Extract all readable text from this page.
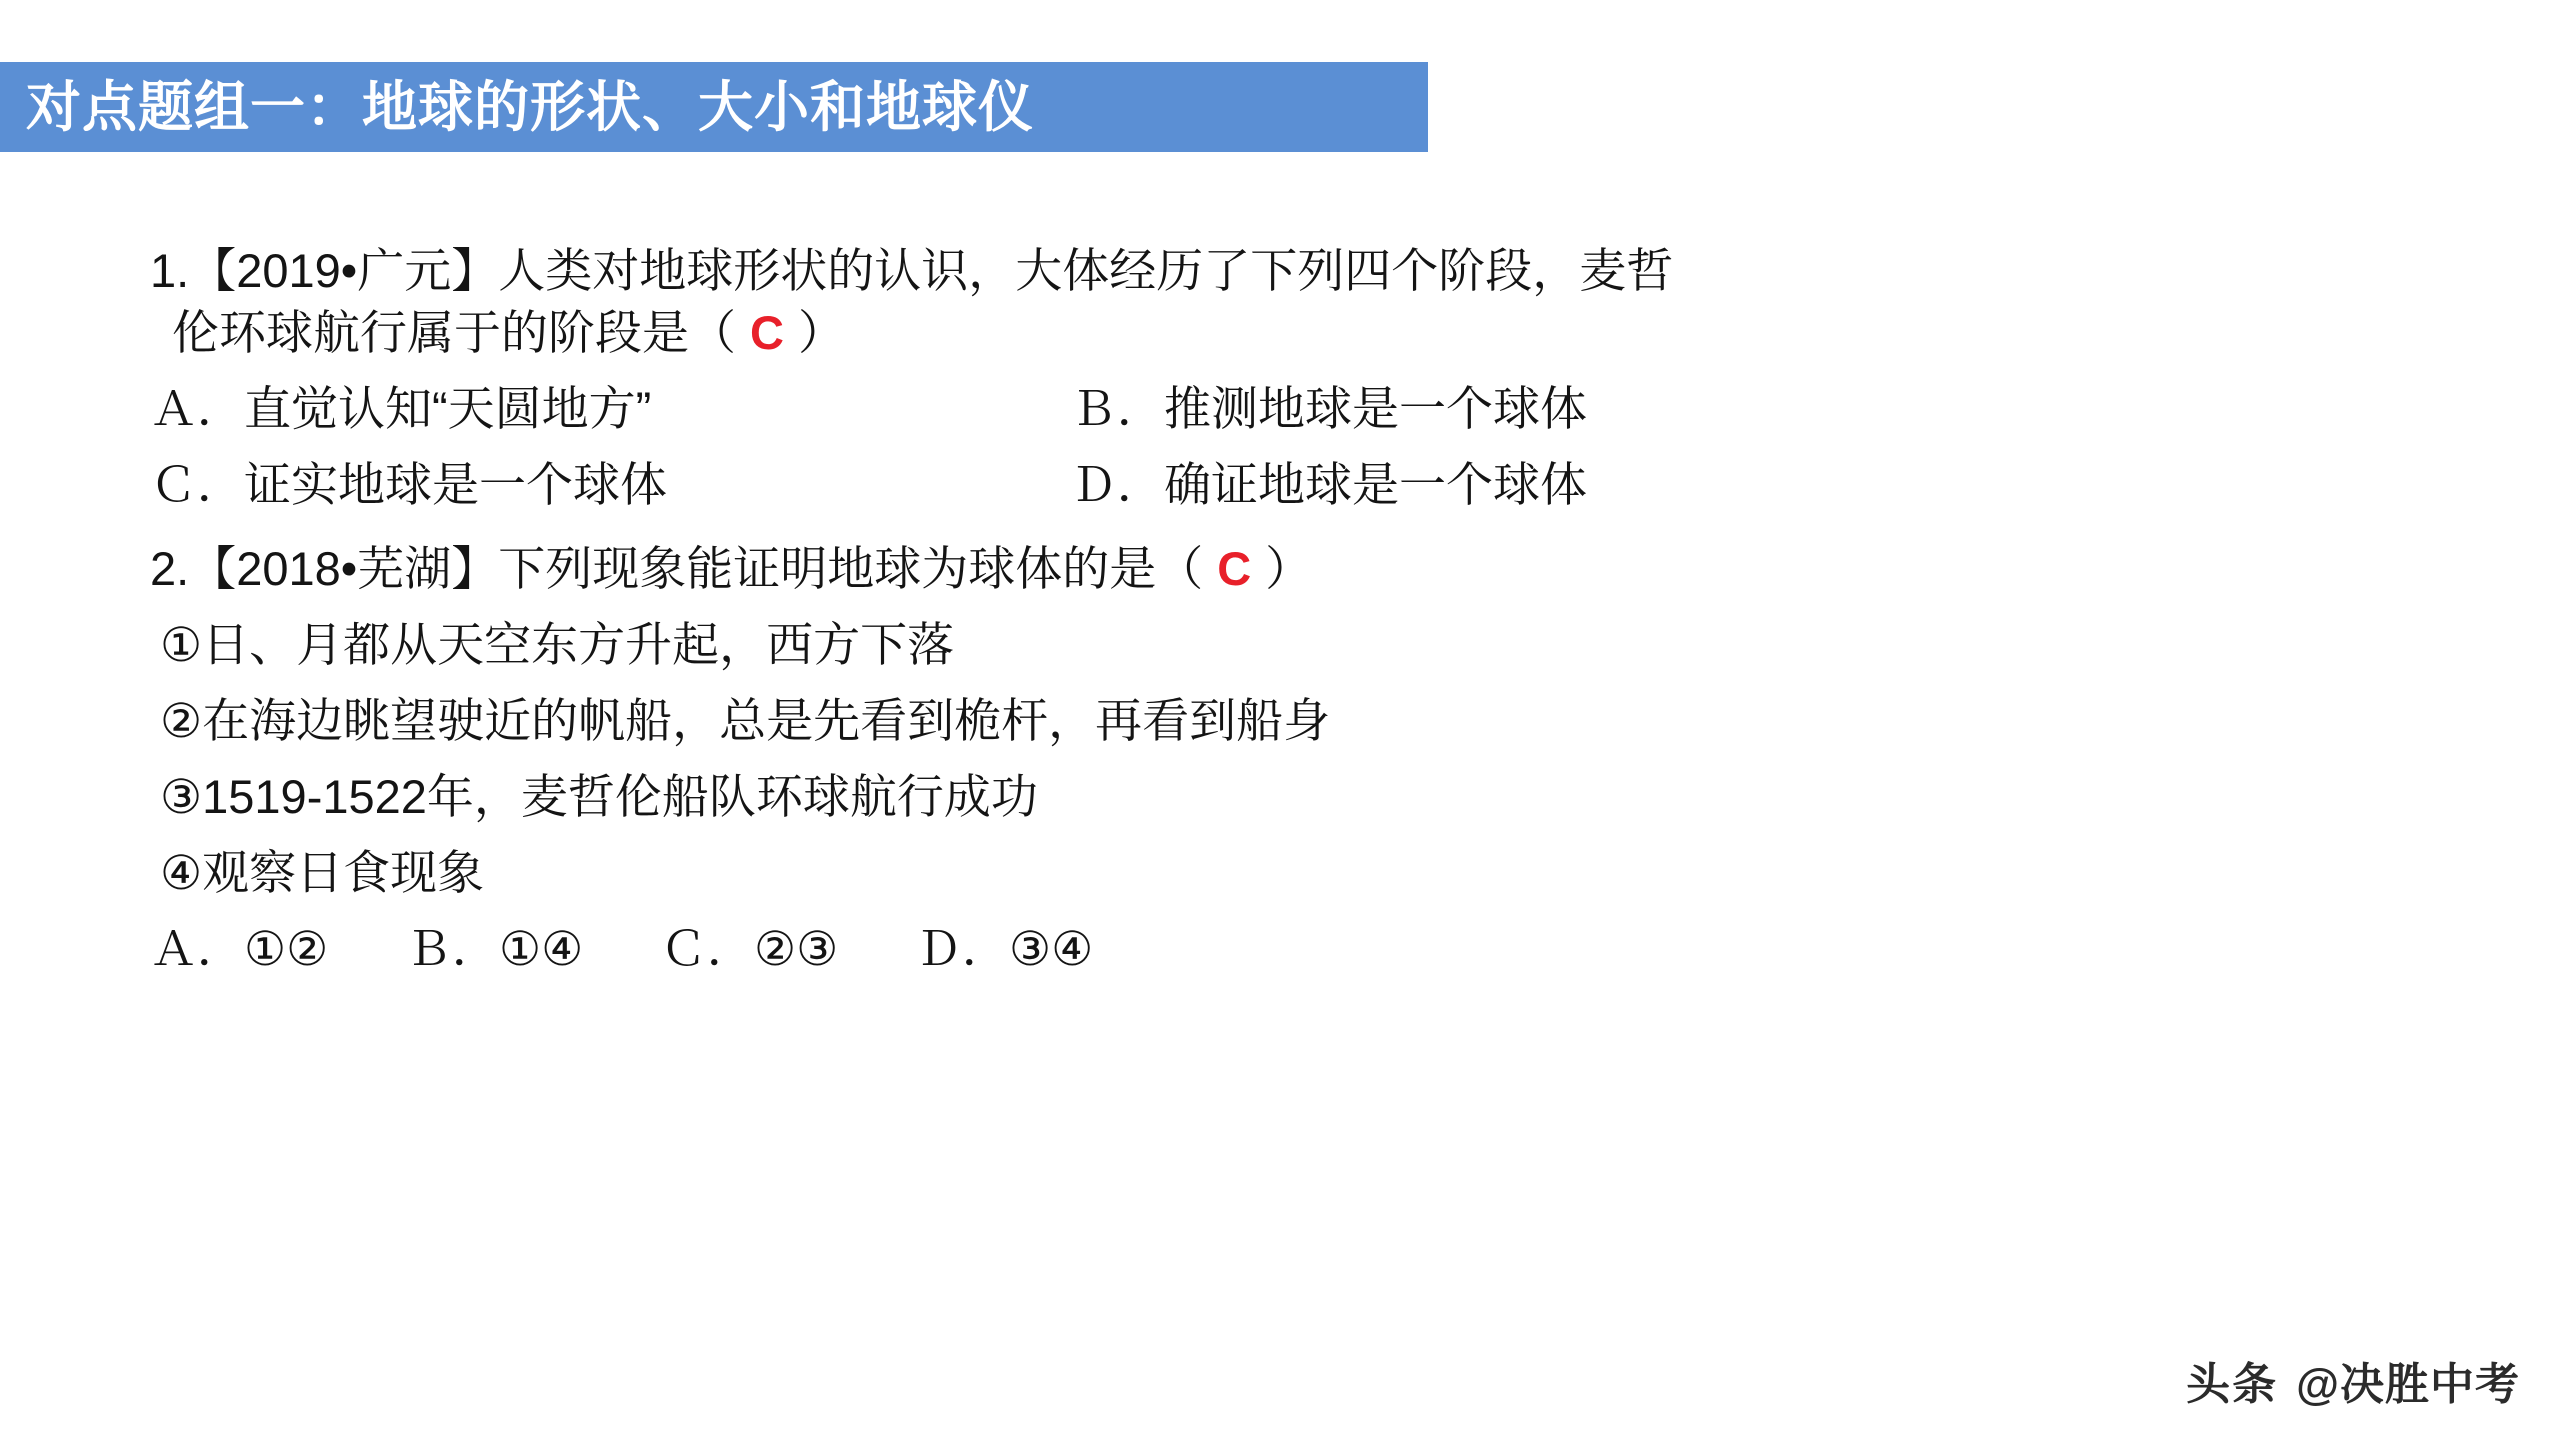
对点题组一：地球的形状、大小和地球仪
1.【2019•广元】人类对地球形状的认识，大体经历了下列四个阶段，麦哲
伦环球航行属于的阶段是（ C ）
Ａ．直觉认知“天圆地方”	Ｂ．推测地球是一个球体
Ｃ．证实地球是一个球体	Ｄ．确证地球是一个球体
2.【2018•芜湖】下列现象能证明地球为球体的是（ C ）
①日、月都从天空东方升起，西方下落
②在海边眺望驶近的帆船，总是先看到桅杆，再看到船身
③1519-1522年，麦哲伦船队环球航行成功
④观察日食现象
Ａ．①②	Ｂ．①④	Ｃ．②③	Ｄ．③④
头条 @决胜中考
